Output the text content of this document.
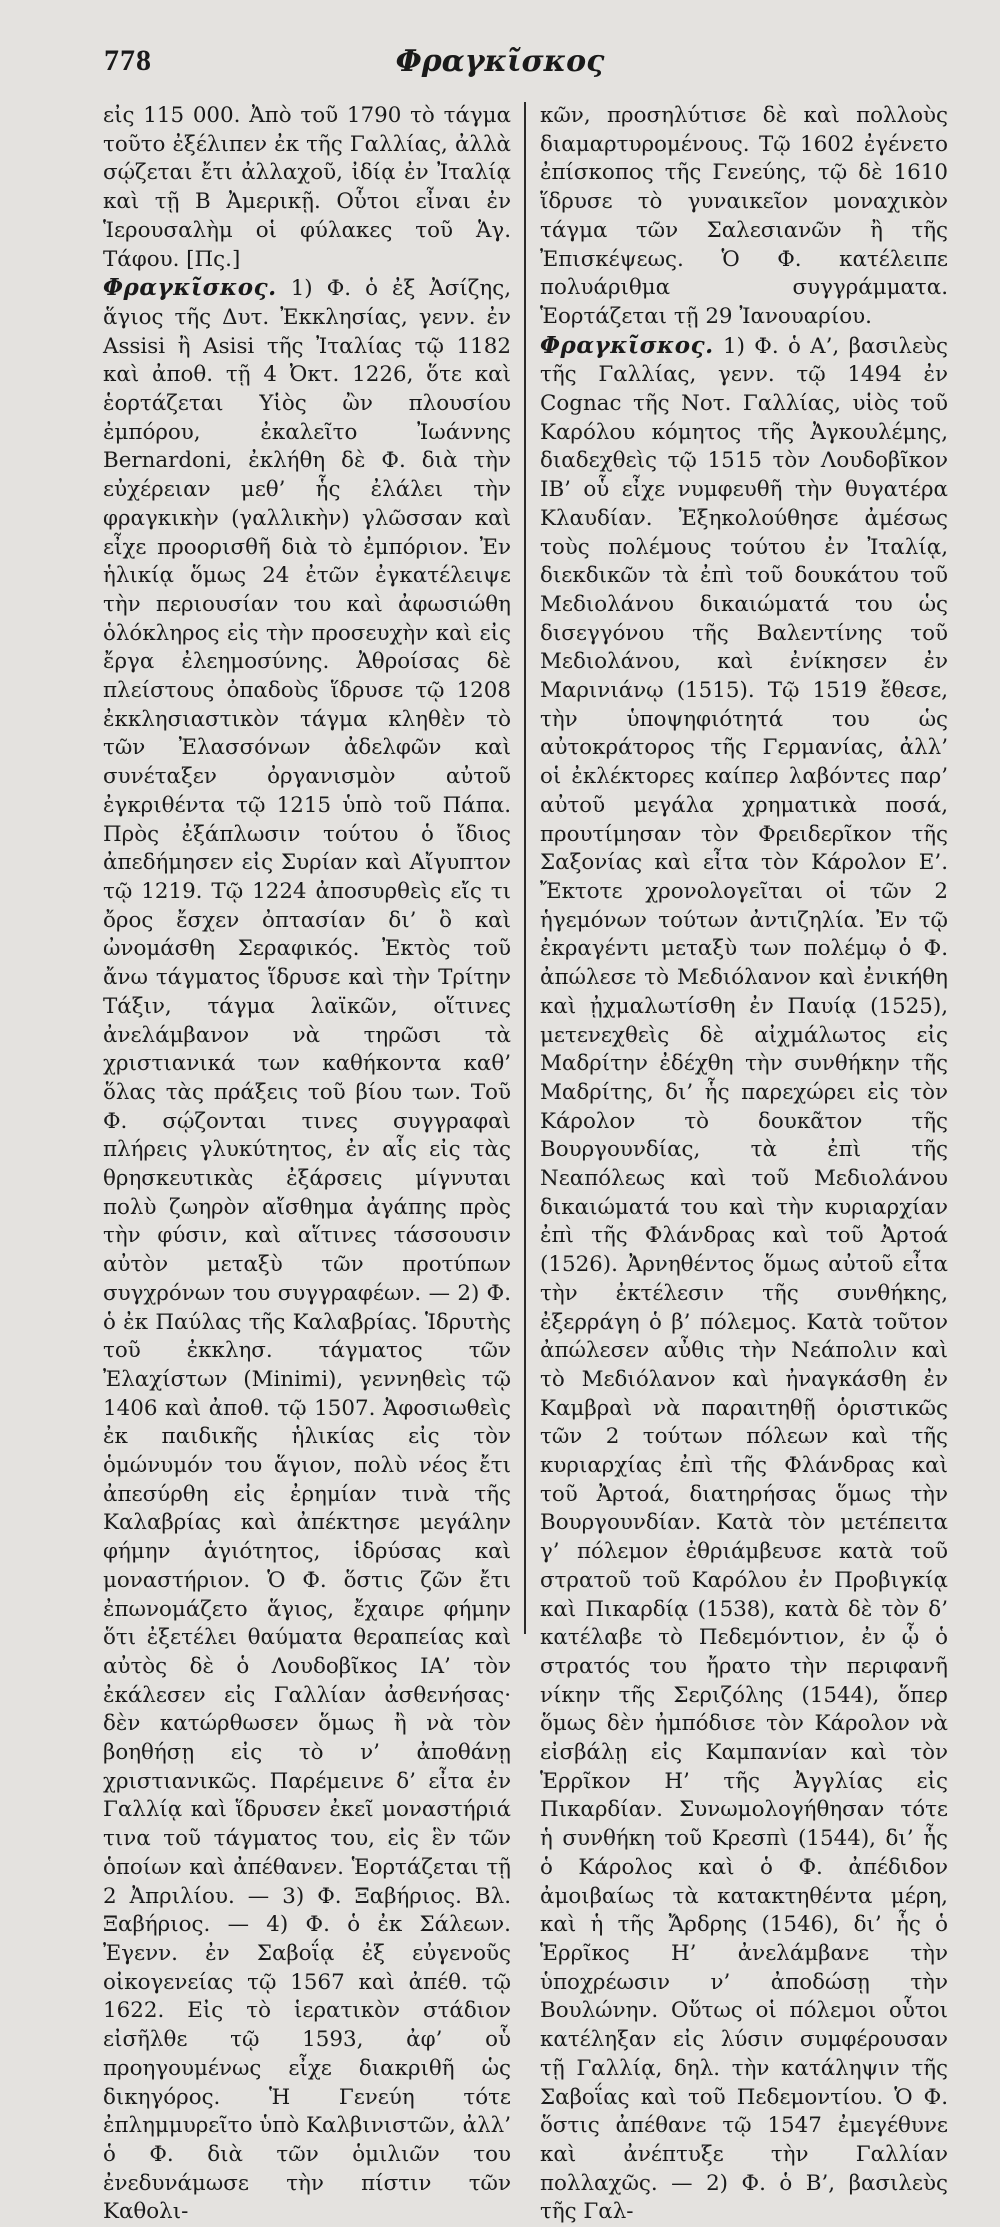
778	Φραγκῖσκος

εἰς 115 000. Ἀπὸ τοῦ 1790 τὸ τάγμα τοῦτο ἐξέλιπεν ἐκ τῆς Γαλλίας, ἀλλὰ σῴζεται ἔτι ἀλλαχοῦ, ἰδίᾳ ἐν Ἰταλίᾳ καὶ τῇ Β Ἀμερικῇ. Οὗτοι εἶναι ἐν Ἱερουσαλὴμ οἱ φύλακες τοῦ Ἁγ. Τάφου. [Πς.]

Φραγκῖσκος. 1) Φ. ὁ ἐξ Ἀσίζης, ἅγιος τῆς Δυτ. Ἐκκλησίας, γενν. ἐν Assisi ἢ Asisi τῆς Ἰταλίας τῷ 1182 καὶ ἀποθ. τῇ 4 Ὀκτ. 1226, ὅτε καὶ ἑορτάζεται Υἱὸς ὢν πλουσίου ἐμπόρου, ἐκαλεῖτο Ἰωάννης Bernardoni, ἐκλήθη δὲ Φ. διὰ τὴν εὐχέρειαν μεθ’ ἧς ἐλάλει τὴν φραγκικὴν (γαλλικὴν) γλῶσσαν καὶ εἶχε προορισθῆ διὰ τὸ ἐμπόριον. Ἐν ἡλικίᾳ ὅμως 24 ἐτῶν ἐγκατέλειψε τὴν περιουσίαν του καὶ ἀφωσιώθη ὁλόκληρος εἰς τὴν προσευχὴν καὶ εἰς ἔργα ἐλεημοσύνης. Ἀθροίσας δὲ πλείστους ὀπαδοὺς ἵδρυσε τῷ 1208 ἐκκλησιαστικὸν τάγμα κληθὲν τὸ τῶν Ἐλασσόνων ἀδελφῶν καὶ συνέταξεν ὀργανισμὸν αὐτοῦ ἐγκριθέντα τῷ 1215 ὑπὸ τοῦ Πάπα. Πρὸς ἐξάπλωσιν τούτου ὁ ἴδιος ἀπεδήμησεν εἰς Συρίαν καὶ Αἴγυπτον τῷ 1219. Τῷ 1224 ἀποσυρθεὶς εἴς τι ὄρος ἔσχεν ὀπτασίαν δι’ ὃ καὶ ὠνομάσθη Σεραφικός. Ἐκτὸς τοῦ ἄνω τάγματος ἵδρυσε καὶ τὴν Τρίτην Τάξιν, τάγμα λαϊκῶν, οἵτινες ἀνελάμβανον νὰ τηρῶσι τὰ χριστιανικά των καθήκοντα καθ’ ὅλας τὰς πράξεις τοῦ βίου των. Τοῦ Φ. σῴζονται τινες συγγραφαὶ πλήρεις γλυκύτητος, ἐν αἷς εἰς τὰς θρησκευτικὰς ἐξάρσεις μίγνυται πολὺ ζωηρὸν αἴσθημα ἀγάπης πρὸς τὴν φύσιν, καὶ αἵτινες τάσσουσιν αὐτὸν μεταξὺ τῶν προτύπων συγχρόνων του συγγραφέων. — 2) Φ. ὁ ἐκ Παύλας τῆς Καλαβρίας. Ἱδρυτὴς τοῦ ἐκκλησ. τάγματος τῶν Ἐλαχίστων (Minimi), γεννηθεὶς τῷ 1406 καὶ ἀποθ. τῷ 1507. Ἀφοσιωθεὶς ἐκ παιδικῆς ἡλικίας εἰς τὸν ὁμώνυμόν του ἅγιον, πολὺ νέος ἔτι ἀπεσύρθη εἰς ἐρημίαν τινὰ τῆς Καλαβρίας καὶ ἀπέκτησε μεγάλην φήμην ἁγιότητος, ἱδρύσας καὶ μοναστήριον. Ὁ Φ. ὅστις ζῶν ἔτι ἐπωνομάζετο ἅγιος, ἔχαιρε φήμην ὅτι ἐξετέλει θαύματα θεραπείας καὶ αὐτὸς δὲ ὁ Λουδοβῖκος ΙΑ’ τὸν ἐκάλεσεν εἰς Γαλλίαν ἀσθενήσας· δὲν κατώρθωσεν ὅμως ἢ νὰ τὸν βοηθήσῃ εἰς τὸ ν’ ἀποθάνῃ χριστιανικῶς. Παρέμεινε δ’ εἶτα ἐν Γαλλίᾳ καὶ ἵδρυσεν ἐκεῖ μοναστήριά τινα τοῦ τάγματος του, εἰς ἓν τῶν ὁποίων καὶ ἀπέθανεν. Ἑορτάζεται τῇ 2 Ἀπριλίου. — 3) Φ. Ξαβήριος. Βλ. Ξαβήριος. — 4) Φ. ὁ ἐκ Σάλεων. Ἐγενν. ἐν Σαβοΐᾳ ἐξ εὐγενοῦς οἰκογενείας τῷ 1567 καὶ ἀπέθ. τῷ 1622. Εἰς τὸ ἱερατικὸν στάδιον εἰσῆλθε τῷ 1593, ἀφ’ οὗ προηγουμένως εἶχε διακριθῆ ὡς δικηγόρος. Ἡ Γενεύη τότε ἐπλημμυρεῖτο ὑπὸ Καλβινιστῶν, ἀλλ’ ὁ Φ. διὰ τῶν ὁμιλιῶν του ἐνεδυνάμωσε τὴν πίστιν τῶν Καθολι-

κῶν, προσηλύτισε δὲ καὶ πολλοὺς διαμαρτυρομένους. Τῷ 1602 ἐγένετο ἐπίσκοπος τῆς Γενεύης, τῷ δὲ 1610 ἵδρυσε τὸ γυναικεῖον μοναχικὸν τάγμα τῶν Σαλεσιανῶν ἢ τῆς Ἐπισκέψεως. Ὁ Φ. κατέλειπε πολυάριθμα συγγράμματα. Ἑορτάζεται τῇ 29 Ἰανουαρίου.

Φραγκῖσκος. 1) Φ. ὁ Α’, βασιλεὺς τῆς Γαλλίας, γενν. τῷ 1494 ἐν Cognac τῆς Νοτ. Γαλλίας, υἱὸς τοῦ Καρόλου κόμητος τῆς Ἀγκουλέμης, διαδεχθεὶς τῷ 1515 τὸν Λουδοβῖκον ΙΒ’ οὗ εἶχε νυμφευθῆ τὴν θυγατέρα Κλαυδίαν. Ἐξηκολούθησε ἀμέσως τοὺς πολέμους τούτου ἐν Ἰταλίᾳ, διεκδικῶν τὰ ἐπὶ τοῦ δουκάτου τοῦ Μεδιολάνου δικαιώματά του ὡς δισεγγόνου τῆς Βαλεντίνης τοῦ Μεδιολάνου, καὶ ἐνίκησεν ἐν Μαρινιάνῳ (1515). Τῷ 1519 ἔθεσε, τὴν ὑποψηφιότητά του ὡς αὐτοκράτορος τῆς Γερμανίας, ἀλλ’ οἱ ἐκλέκτορες καίπερ λαβόντες παρ’ αὐτοῦ μεγάλα χρηματικὰ ποσά, προυτίμησαν τὸν Φρειδερῖκον τῆς Σαξονίας καὶ εἶτα τὸν Κάρολον Ε’. Ἔκτοτε χρονολογεῖται οἱ τῶν 2 ἡγεμόνων τούτων ἀντιζηλία. Ἐν τῷ ἐκραγέντι μεταξὺ των πολέμῳ ὁ Φ. ἀπώλεσε τὸ Μεδιόλανον καὶ ἐνικήθη καὶ ᾐχμαλωτίσθη ἐν Παυίᾳ (1525), μετενεχθεὶς δὲ αἰχμάλωτος εἰς Μαδρίτην ἐδέχθη τὴν συνθήκην τῆς Μαδρίτης, δι’ ἧς παρεχώρει εἰς τὸν Κάρολον τὸ δουκᾶτον τῆς Βουργουνδίας, τὰ ἐπὶ τῆς Νεαπόλεως καὶ τοῦ Μεδιολάνου δικαιώματά του καὶ τὴν κυριαρχίαν ἐπὶ τῆς Φλάνδρας καὶ τοῦ Ἀρτοά (1526). Ἀρνηθέντος ὅμως αὐτοῦ εἶτα τὴν ἐκτέλεσιν τῆς συνθήκης, ἐξερράγη ὁ β’ πόλεμος. Κατὰ τοῦτον ἀπώλεσεν αὖθις τὴν Νεάπολιν καὶ τὸ Μεδιόλανον καὶ ἠναγκάσθη ἐν Καμβραὶ νὰ παραιτηθῇ ὁριστικῶς τῶν 2 τούτων πόλεων καὶ τῆς κυριαρχίας ἐπὶ τῆς Φλάνδρας καὶ τοῦ Ἀρτοά, διατηρήσας ὅμως τὴν Βουργουνδίαν. Κατὰ τὸν μετέπειτα γ’ πόλεμον ἐθριάμβευσε κατὰ τοῦ στρατοῦ τοῦ Καρόλου ἐν Προβιγκίᾳ καὶ Πικαρδίᾳ (1538), κατὰ δὲ τὸν δ’ κατέλαβε τὸ Πεδεμόντιον, ἐν ᾧ ὁ στρατός του ἤρατο τὴν περιφανῆ νίκην τῆς Σεριζόλης (1544), ὅπερ ὅμως δὲν ἠμπόδισε τὸν Κάρολον νὰ εἰσβάλῃ εἰς Καμπανίαν καὶ τὸν Ἑρρῖκον Η’ τῆς Ἀγγλίας εἰς Πικαρδίαν. Συνωμολογήθησαν τότε ἡ συνθήκη τοῦ Κρεσπὶ (1544), δι’ ἧς ὁ Κάρολος καὶ ὁ Φ. ἀπέδιδον ἀμοιβαίως τὰ κατακτηθέντα μέρη, καὶ ἡ τῆς Ἄρδρης (1546), δι’ ἧς ὁ Ἑρρῖκος Η’ ἀνελάμβανε τὴν ὑποχρέωσιν ν’ ἀποδώσῃ τὴν Βουλώνην. Οὕτως οἱ πόλεμοι οὗτοι κατέληξαν εἰς λύσιν συμφέρουσαν τῇ Γαλλίᾳ, δηλ. τὴν κατάληψιν τῆς Σαβοΐας καὶ τοῦ Πεδεμοντίου. Ὁ Φ. ὅστις ἀπέθανε τῷ 1547 ἐμεγέθυνε καὶ ἀνέπτυξε τὴν Γαλλίαν πολλαχῶς. — 2) Φ. ὁ Β’, βασιλεὺς τῆς Γαλ-
